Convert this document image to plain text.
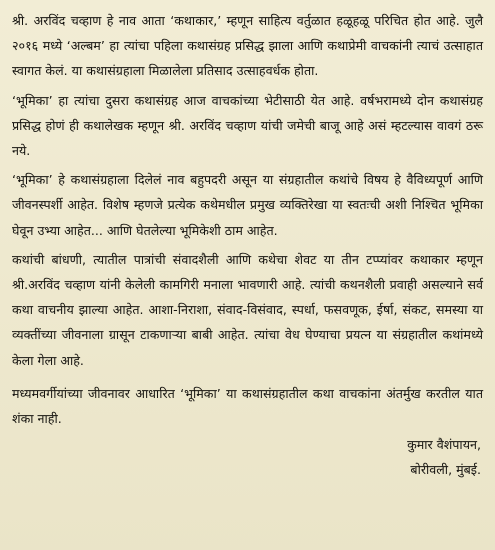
श्री. अरविंद चव्हाण हे नाव आता ‘कथाकार,’ म्हणून साहित्य वर्तुळात हळूहळू परिचित होत आहे. जुलै २०१६ मध्ये ‘अल्बम’ हा त्यांचा पहिला कथासंग्रह प्रसिद्ध झाला आणि कथाप्रेमी वाचकांनी त्याचं उत्साहात स्वागत केलं. या कथासंग्रहाला मिळालेला प्रतिसाद उत्साहवर्धक होता.

‘भूमिका’ हा त्यांचा दुसरा कथासंग्रह आज वाचकांच्या भेटीसाठी येत आहे. वर्षभरामध्ये दोन कथासंग्रह प्रसिद्ध होणं ही कथालेखक म्हणून श्री. अरविंद चव्हाण यांची जमेची बाजू आहे असं म्हटल्यास वावगं ठरू नये.

‘भूमिका’ हे कथासंग्रहाला दिलेलं नाव बहुपदरी असून या संग्रहातील कथांचे विषय हे वैविध्यपूर्ण आणि जीवनस्पर्शी आहेत. विशेष म्हणजे प्रत्येक कथेमधील प्रमुख व्यक्तिरेखा या स्वतःची अशी निश्चित भूमिका घेवून उभ्या आहेत... आणि घेतलेल्या भूमिकेशी ठाम आहेत.

कथांची बांधणी, त्यातील पात्रांची संवादशैली आणि कथेचा शेवट या तीन टप्प्यांवर कथाकार म्हणून श्री.अरविंद चव्हाण यांनी केलेली कामगिरी मनाला भावणारी आहे. त्यांची कथनशैली प्रवाही असल्याने सर्व कथा वाचनीय झाल्या आहेत. आशा-निराशा, संवाद-विसंवाद, स्पर्धा, फसवणूक, ईर्षा, संकट, समस्या या व्यक्तींच्या जीवनाला ग्रासून टाकणाऱ्या बाबी आहेत. त्यांचा वेध घेण्याचा प्रयत्न या संग्रहातील कथांमध्ये केला गेला आहे.

मध्यमवर्गीयांच्या जीवनावर आधारित ‘भूमिका’ या कथासंग्रहातील कथा वाचकांना अंतर्मुख करतील यात शंका नाही.

कुमार वैशंपायन,
बोरीवली, मुंबई.
